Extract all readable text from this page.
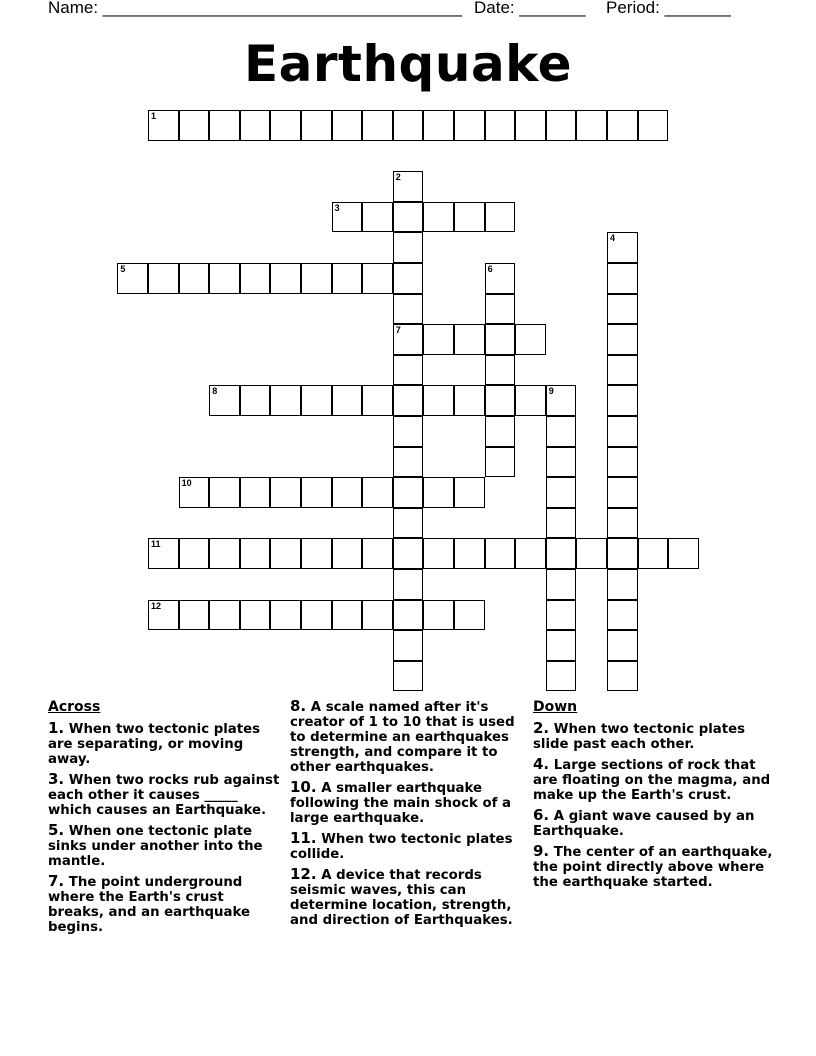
Name: ______________________________________ Date: _______ Period: _______
Earthquake
1
2
7
3
4
5	6
8	9
10
11
12
Across
1. When two tectonic plates are separating, or moving away.
3. When two rocks rub against each other it causes _____ which causes an Earthquake.
5. When one tectonic plate sinks under another into the mantle.
7. The point underground where the Earth's crust breaks, and an earthquake begins.
8. A scale named after it's creator of 1 to 10 that is used to determine an earthquakes strength, and compare it to other earthquakes.
10. A smaller earthquake following the main shock of a large earthquake.
11. When two tectonic plates collide.
12. A device that records seismic waves, this can determine location, strength, and direction of Earthquakes.
Down
2. When two tectonic plates slide past each other.
4. Large sections of rock that are floating on the magma, and make up the Earth's crust.
6. A giant wave caused by an Earthquake.
9. The center of an earthquake, the point directly above where the earthquake started.
